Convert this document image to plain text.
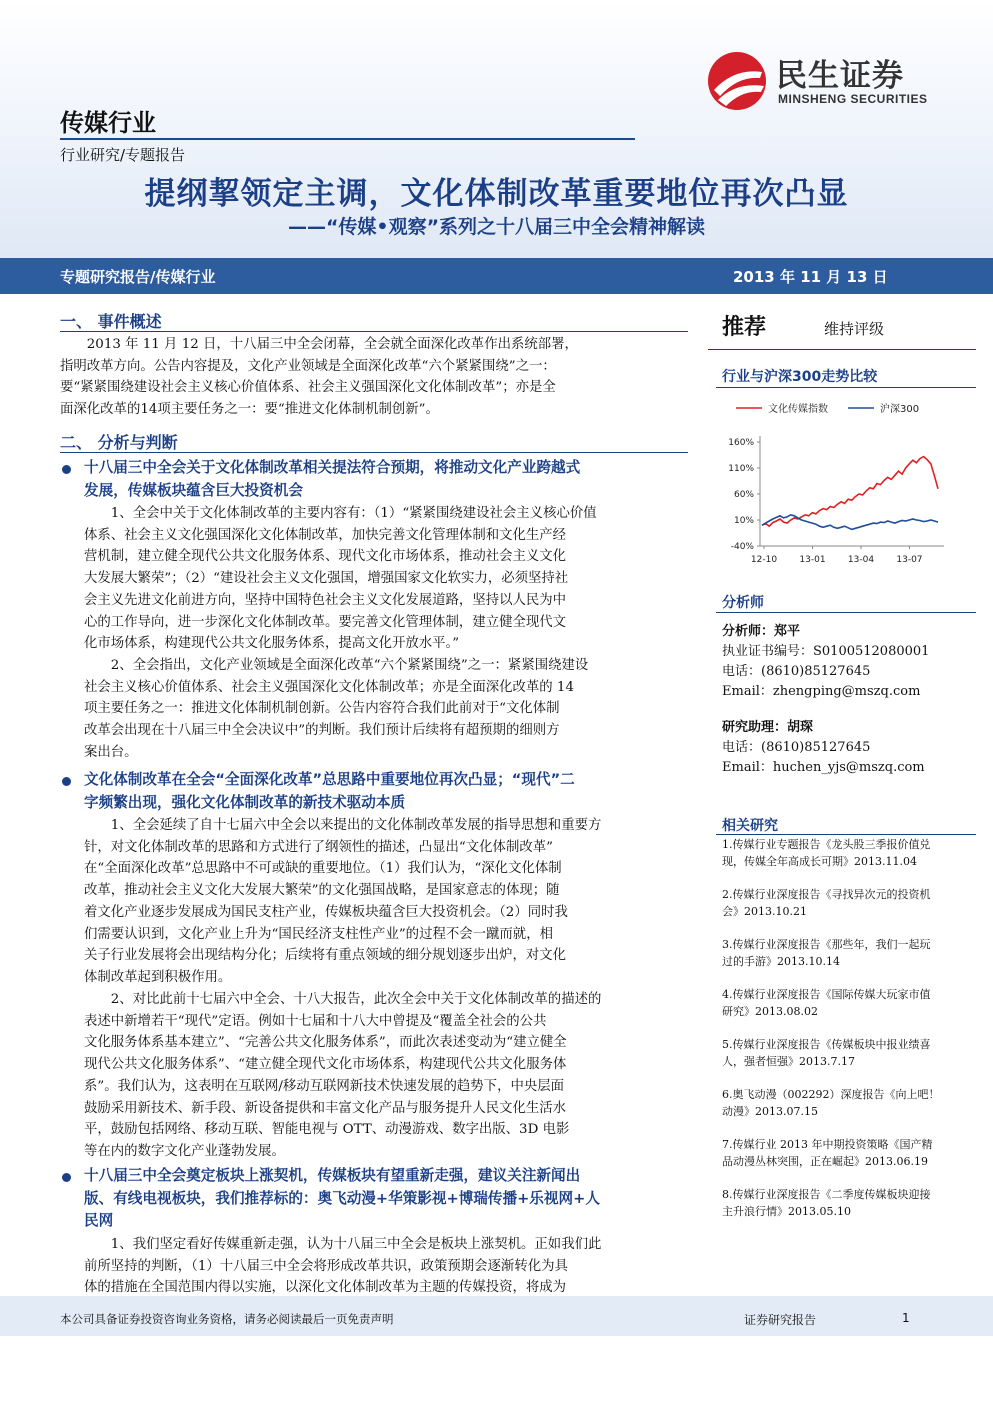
民生证券
MINSHENG SECURITIES
传媒行业
行业研究/专题报告
提纲挈领定主调，文化体制改革重要地位再次凸显
——“传媒•观察”系列之十八届三中全会精神解读
专题研究报告/传媒行业	2013 年 11 月 13 日
一、 事件概述
　　2013 年 11 月 12 日，十八届三中全会闭幕，全会就全面深化改革作出系统部署，
指明改革方向。公告内容提及，文化产业领域是全面深化改革“六个紧紧围绕”之一：
要“紧紧围绕建设社会主义核心价值体系、社会主义强国深化文化体制改革”；亦是全
面深化改革的14项主要任务之一：要“推进文化体制机制创新”。
二、 分析与判断
十八届三中全会关于文化体制改革相关提法符合预期，将推动文化产业跨越式
发展，传媒板块蕴含巨大投资机会
　　1、全会中关于文化体制改革的主要内容有：（1）“紧紧围绕建设社会主义核心价值
体系、社会主义文化强国深化文化体制改革，加快完善文化管理体制和文化生产经
营机制，建立健全现代公共文化服务体系、现代文化市场体系，推动社会主义文化
大发展大繁荣”；（2）“建设社会主义文化强国，增强国家文化软实力，必须坚持社
会主义先进文化前进方向，坚持中国特色社会主义文化发展道路，坚持以人民为中
心的工作导向，进一步深化文化体制改革。要完善文化管理体制，建立健全现代文
化市场体系，构建现代公共文化服务体系，提高文化开放水平。”
　　2、全会指出，文化产业领域是全面深化改革“六个紧紧围绕”之一：紧紧围绕建设
社会主义核心价值体系、社会主义强国深化文化体制改革；亦是全面深化改革的 14
项主要任务之一：推进文化体制机制创新。公告内容符合我们此前对于“文化体制
改革会出现在十八届三中全会决议中”的判断。我们预计后续将有超预期的细则方
案出台。
文化体制改革在全会“全面深化改革”总思路中重要地位再次凸显；“现代”二
字频繁出现，强化文化体制改革的新技术驱动本质
　　1、全会延续了自十七届六中全会以来提出的文化体制改革发展的指导思想和重要方
针，对文化体制改革的思路和方式进行了纲领性的描述，凸显出“文化体制改革”
在“全面深化改革”总思路中不可或缺的重要地位。（1）我们认为，“深化文化体制
改革，推动社会主义文化大发展大繁荣”的文化强国战略，是国家意志的体现；随
着文化产业逐步发展成为国民支柱产业，传媒板块蕴含巨大投资机会。（2）同时我
们需要认识到，文化产业上升为“国民经济支柱性产业”的过程不会一蹴而就，相
关子行业发展将会出现结构分化；后续将有重点领域的细分规划逐步出炉，对文化
体制改革起到积极作用。
　　2、对比此前十七届六中全会、十八大报告，此次全会中关于文化体制改革的描述的
表述中新增若干“现代”定语。例如十七届和十八大中曾提及“覆盖全社会的公共
文化服务体系基本建立”、“完善公共文化服务体系”，而此次表述变动为“建立健全
现代公共文化服务体系”、“建立健全现代文化市场体系，构建现代公共文化服务体
系”。我们认为，这表明在互联网/移动互联网新技术快速发展的趋势下，中央层面
鼓励采用新技术、新手段、新设备提供和丰富文化产品与服务提升人民文化生活水
平，鼓励包括网络、移动互联、智能电视与 OTT、动漫游戏、数字出版、3D 电影
等在内的数字文化产业蓬勃发展。
十八届三中全会奠定板块上涨契机，传媒板块有望重新走强，建议关注新闻出
版、有线电视板块，我们推荐标的：奥飞动漫+华策影视+博瑞传播+乐视网+人
民网
　　1、我们坚定看好传媒重新走强，认为十八届三中全会是板块上涨契机。正如我们此
前所坚持的判断，（1）十八届三中全会将形成改革共识，政策预期会逐渐转化为具
体的措施在全国范围内得以实施，以深化文化体制改革为主题的传媒投资，将成为
推荐	维持评级
行业与沪深300走势比较
文化传媒指数	沪深300
160%
110%
60%
10%
-40%
12-10 13-01 13-04 13-07
分析师
分析师：郑平
执业证书编号：S0100512080001
电话：(8610)85127645
Email：zhengping@mszq.com
研究助理：胡琛
电话：(8610)85127645
Email：huchen_yjs@mszq.com
相关研究
1.传媒行业专题报告《龙头股三季报价值兑
现，传媒全年高成长可期》2013.11.04
2.传媒行业深度报告《寻找异次元的投资机
会》2013.10.21
3.传媒行业深度报告《那些年，我们一起玩
过的手游》2013.10.14
4.传媒行业深度报告《国际传媒大玩家市值
研究》2013.08.02
5.传媒行业深度报告《传媒板块中报业绩喜
人，强者恒强》2013.7.17
6.奥飞动漫（002292）深度报告《向上吧！
动漫》2013.07.15
7.传媒行业 2013 年中期投资策略《国产精
品动漫丛林突围，正在崛起》2013.06.19
8.传媒行业深度报告《二季度传媒板块迎接
主升浪行情》2013.05.10
本公司具备证券投资咨询业务资格，请务必阅读最后一页免责声明	证券研究报告	1
